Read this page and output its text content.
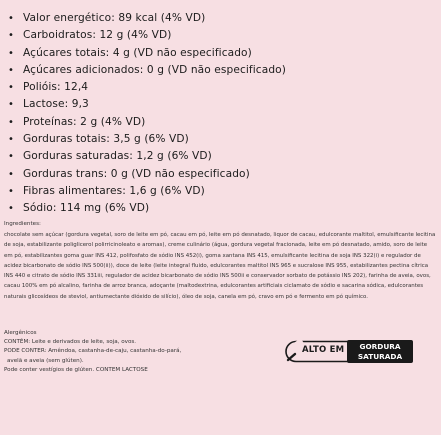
• Valor energético: 89 kcal (4% VD)
• Carboidratos: 12 g (4% VD)
• Açúcares totais: 4 g (VD não especificado)
• Açúcares adicionados: 0 g (VD não especificado)
• Polióis: 12,4
• Lactose: 9,3
• Proteínas: 2 g (4% VD)
• Gorduras totais: 3,5 g (6% VD)
• Gorduras saturadas: 1,2 g (6% VD)
• Gorduras trans: 0 g (VD não especificado)
• Fibras alimentares: 1,6 g (6% VD)
• Sódio: 114 mg (6% VD)
Ingredientes:
chocolate sem açúcar (gordura vegetal, soro de leite em pó, cacau em pó, leite em pó desnatado, liquor de cacau, edulcorante maltitol, emulsificante lecitina de soja, estabilizante poliglicerol polirricinoleato e aromas), creme culinário (água, gordura vegetal fracionada, leite em pó desnatado, amido, soro de leite em pó, estabilizantes goma guar INS 412, polifosfato de sódio INS 452(i), goma xantana INS 415, emulsificante lecitina de soja INS 322(i) e regulador de acidez bicarbonato de sódio INS 500(ii)), doce de leite (leite integral fluido, edulcorantes maltitol INS 965 e sucralose INS 955, estabilizantes pectina cítrica INS 440 e citrato de sódio INS 331iii, regulador de acidez bicarbonato de sódio INS 500ii e conservador sorbato de potássio INS 202), farinha de aveia, ovos, cacau 100% em pó alcalino, farinha de arroz branca, adoçante (maltodextrina, edulcorantes artificiais ciclamato de sódio e sacarina sódica, edulcorantes naturais glicosídeos de steviol, antiumectante dióxido de silício), óleo de soja, canela em pó, cravo em pó e fermento em pó químico.
Alergênicos
CONTÉM: Leite e derivados de leite, soja, ovos.
PODE CONTER: Amêndoa, castanha-de-caju, castanha-do-pará,
avelã e aveia (sem glúten).
Pode conter vestígios de glúten. CONTEM LACTOSE
ALTO EM	GORDURA
SATURADA
